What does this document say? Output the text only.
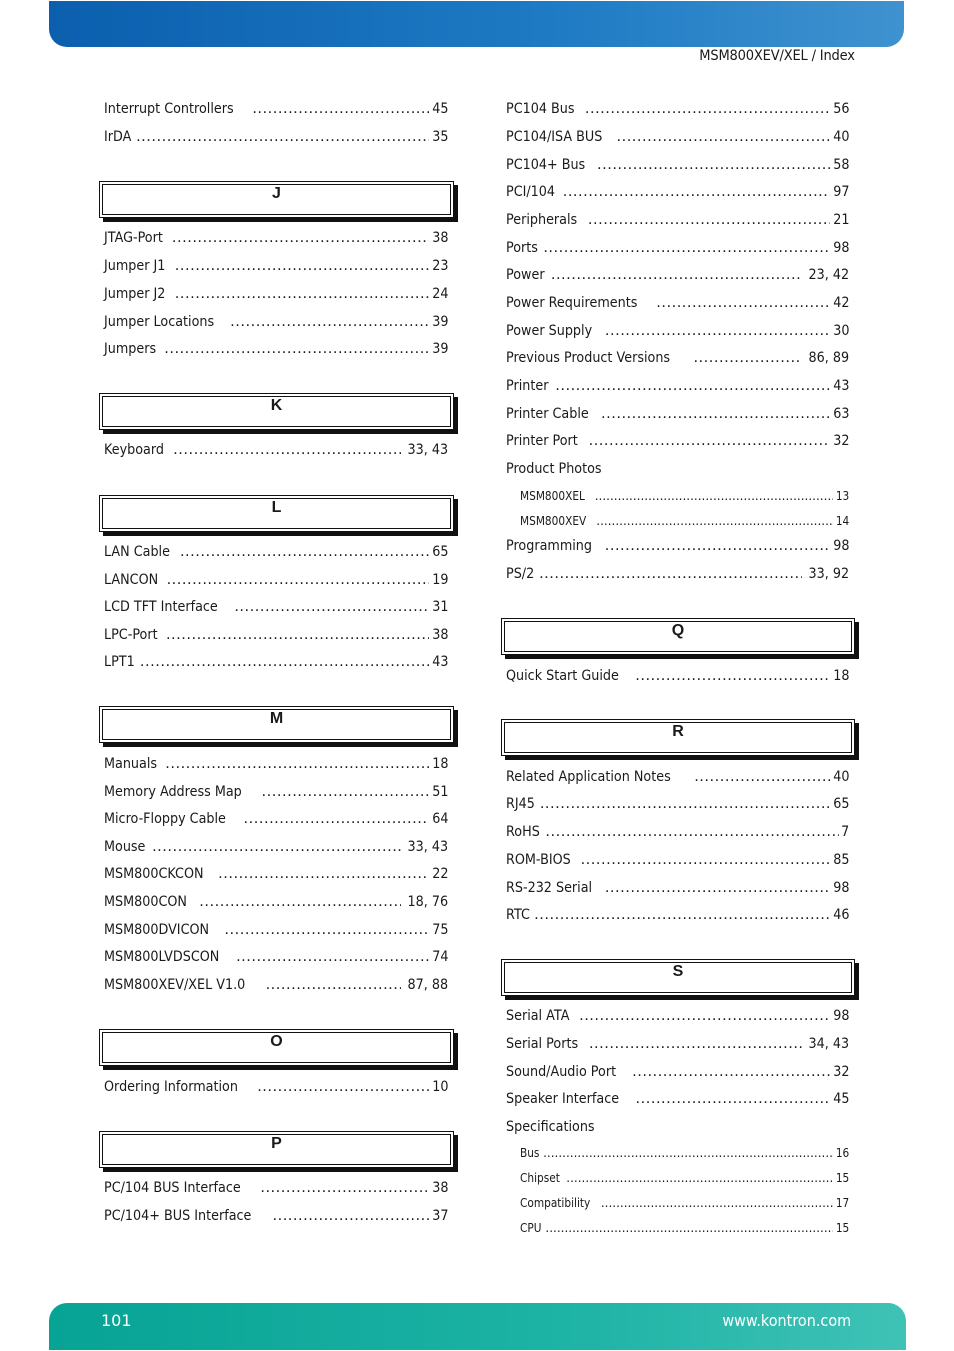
MSM800XEV/XEL / Index
Interrupt Controllers .....	45
IrDA .....	35
JTAG-Port .....	38
Jumper J1 .....	23
Jumper J2 .....	24
Jumper Locations .....	39
Jumpers .....	39
Keyboard .....	33, 43
LAN Cable .....	65
LANCON .....	19
LCD TFT Interface .....	31
LPC-Port .....	38
LPT1 .....	43
Manuals .....	18
Memory Address Map .....	51
Micro-Floppy Cable .....	64
Mouse .....	33, 43
MSM800CKCON .....	22
MSM800CON .....	18, 76
MSM800DVICON .....	75
MSM800LVDSCON .....	74
MSM800XEV/XEL V1.0 .....	87, 88
Ordering Information .....	10
PC/104 BUS Interface .....	38
PC/104+ BUS Interface .....	37
PC104 Bus .....	56
PC104/ISA BUS .....	40
PC104+ Bus .....	58
PCI/104 .....	97
Peripherals .....	21
Ports .....	98
Power .....	23, 42
Power Requirements .....	42
Power Supply .....	30
Previous Product Versions .....	86, 89
Printer .....	43
Printer Cable .....	63
Printer Port .....	32
Product Photos
MSM800XEL .....	13
MSM800XEV .....	14
Programming .....	98
PS/2 .....	33, 92
Quick Start Guide .....	18
Related Application Notes .....	40
RJ45 .....	65
RoHS .....	7
ROM-BIOS .....	85
RS-232 Serial .....	98
RTC .....	46
Serial ATA .....	98
Serial Ports .....	34, 43
Sound/Audio Port .....	32
Speaker Interface .....	45
Specifications
Bus .....	16
Chipset .....	15
Compatibility .....	17
CPU .....	15
J
K
L
M
O
P
Q
R
S
101	www.kontron.com
